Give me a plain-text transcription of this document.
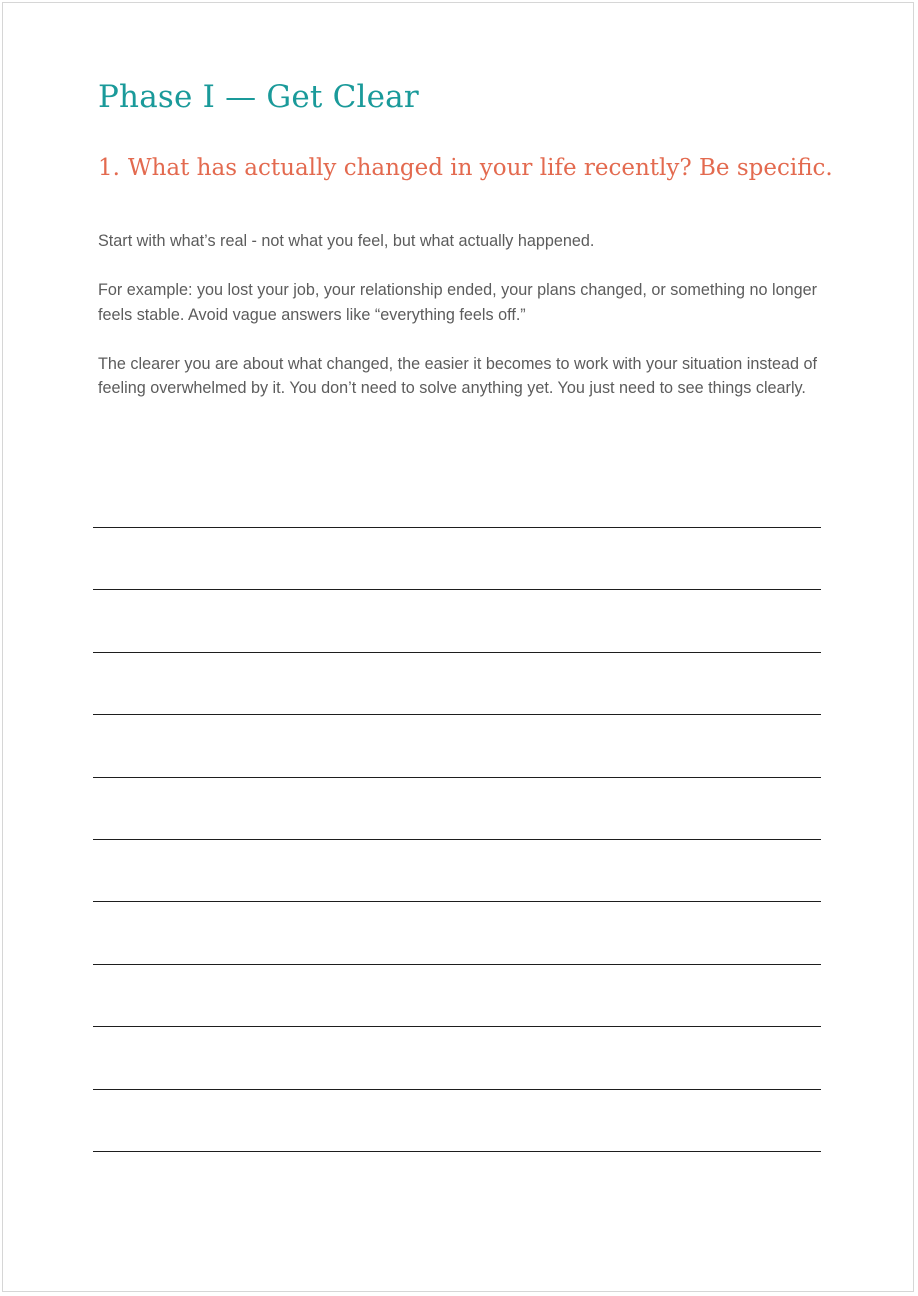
Phase I — Get Clear
1. What has actually changed in your life recently? Be specific.

Start with what’s real - not what you feel, but what actually happened.

For example: you lost your job, your relationship ended, your plans changed, or something no longer feels stable. Avoid vague answers like “everything feels off.”

The clearer you are about what changed, the easier it becomes to work with your situation instead of feeling overwhelmed by it. You don’t need to solve anything yet. You just need to see things clearly.
